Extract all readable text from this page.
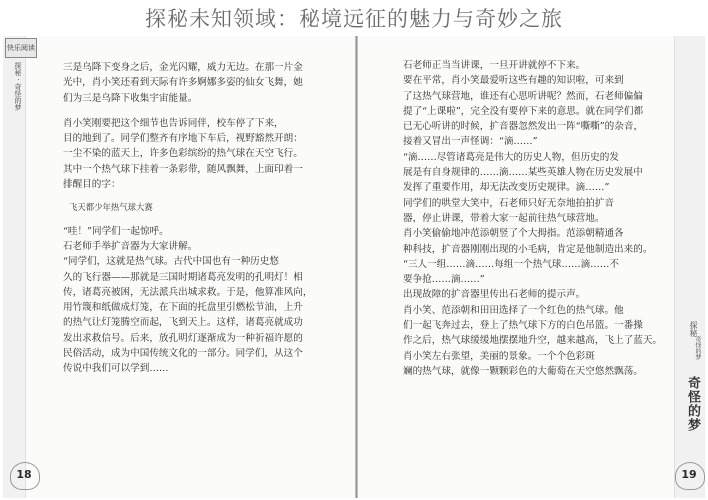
探秘未知领域：秘境远征的魅力与奇妙之旅
快乐阅读
探秘 · 奇怪的梦	三是乌降下变身之后，金光闪耀，威力无边。在那一片金

光中，肖小笑还看到天际有许多婀娜多姿的仙女飞舞，她

们为三是乌降下收集宇宙能量。

肖小笑刚要把这个细节也告诉同伴，校车停了下来，

目的地到了。同学们整齐有序地下车后，视野豁然开朗：

一尘不染的蓝天上，许多色彩缤纷的热气球在天空飞行。

其中一个热气球下挂着一条彩带，随风飘舞，上面印着一

排醒目的字：

飞天都少年热气球大赛

“哇！”同学们一起惊呼。

石老师手举扩音器为大家讲解。

“同学们，这就是热气球。古代中国也有一种历史悠

久的飞行器——那就是三国时期诸葛亮发明的孔明灯！相

传，诸葛亮被困，无法派兵出城求救。于是，他算准风向，

用竹篾和纸做成灯笼，在下面的托盘里引燃松节油，上升

的热气让灯笼腾空而起，飞到天上。这样，诸葛亮就成功

发出求救信号。后来，放孔明灯逐渐成为一种祈福许愿的

民俗活动，成为中国传统文化的一部分。同学们，从这个

传说中我们可以学到……

石老师正当当讲课，一旦开讲就停不下来。

要在平常，肖小笑最爱听这些有趣的知识啦，可来到

了这热气球营地，谁还有心思听讲呢？然而，石老师偏偏

提了“上课啦”，完全没有要停下来的意思。就在同学们都

已无心听讲的时候，扩音器忽然发出一阵“嘶嘶”的杂音，

接着又冒出一声怪调：“滴……”

“滴……尽管诸葛亮是伟大的历史人物，但历史的发

展是有自身规律的……滴……某些英雄人物在历史发展中

发挥了重要作用，却无法改变历史规律。滴……”

同学们的哄堂大笑中，石老师只好无奈地拍拍扩音

器，停止讲课，带着大家一起前往热气球营地。

肖小笑偷偷地冲范添朝竖了个大拇指。范添朝精通各

种科技，扩音器刚刚出现的小毛病，肯定是他制造出来的。

“三人一组……滴……每组一个热气球……滴……不

要争抢……滴……”

出现故障的扩音器里传出石老师的提示声。

肖小笑、范添朝和田田选择了一个红色的热气球。他

们一起飞奔过去，登上了热气球下方的白色吊篮。一番操

作之后，热气球缓缓地摆摆地升空，越来越高，飞上了蓝天。

肖小笑左右张望，美丽的景象。一个个色彩斑

斓的热气球，就像一颗颗彩色的大葡萄在天空悠然飘荡。

探秘
奇怪的梦
奇怪的梦
18	19
